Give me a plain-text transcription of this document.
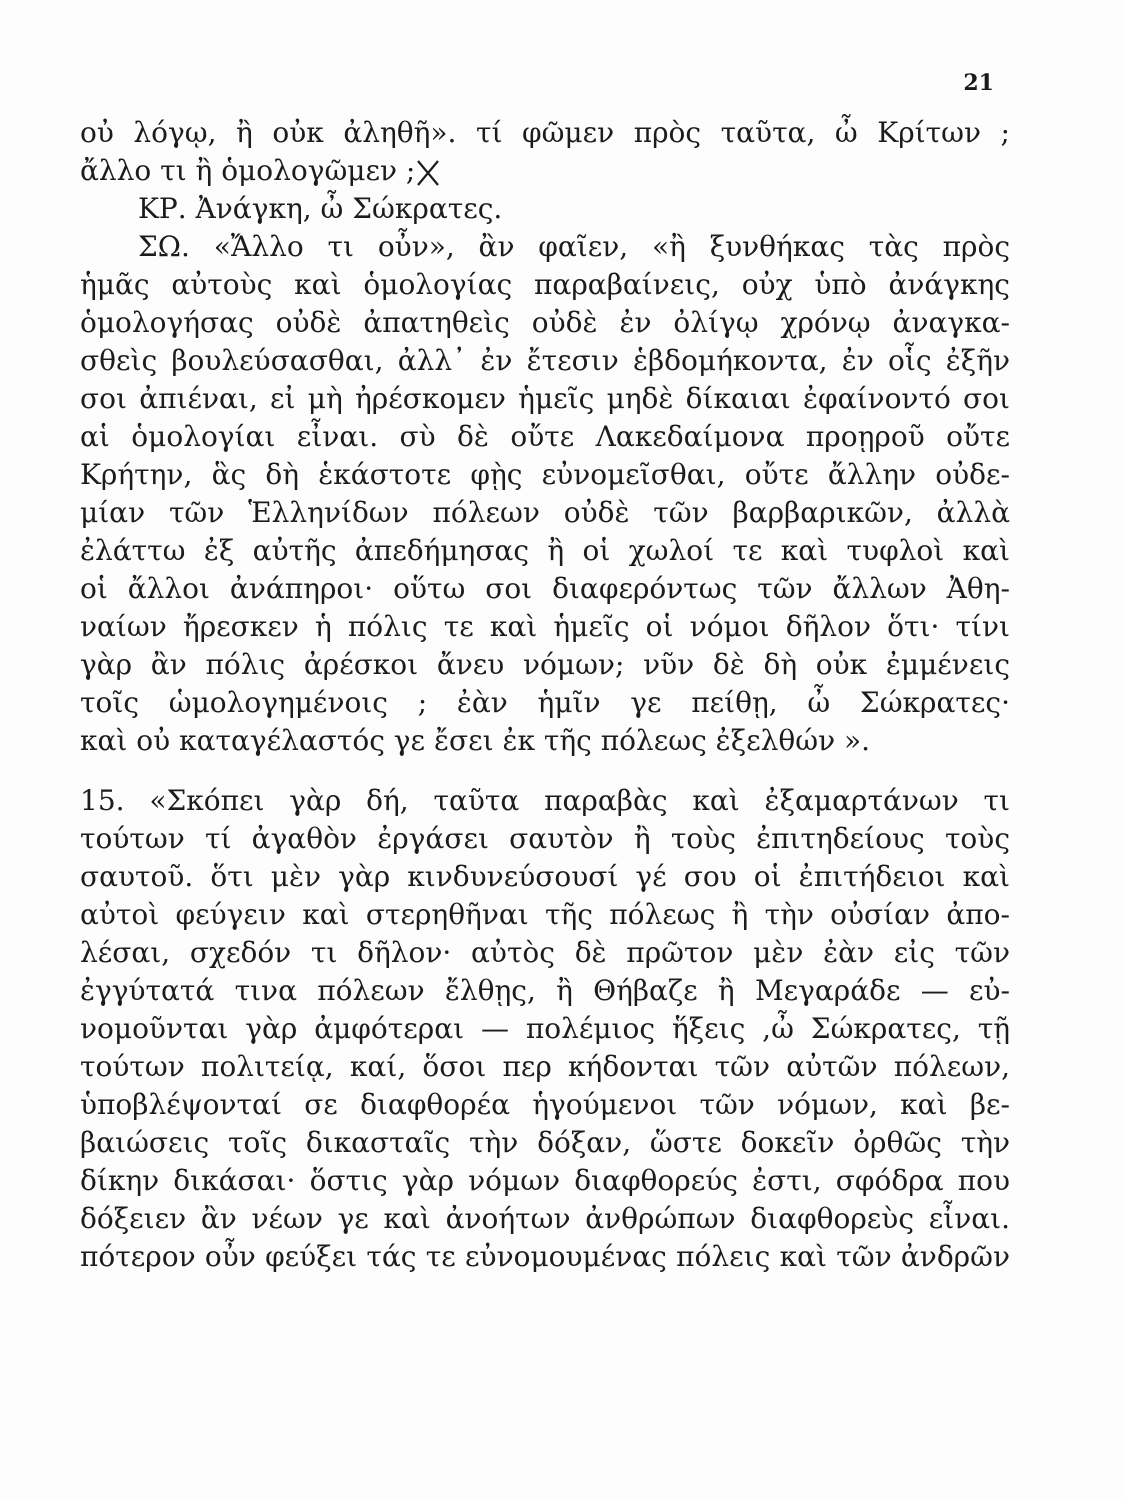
21
οὐ λόγῳ, ἢ οὐκ ἀληθῆ». τί φῶμεν πρὸς ταῦτα, ὦ Κρίτων ;
ἄλλο τι ἢ ὁμολογῶμεν ;
ΚΡ. Ἀνάγκη, ὦ Σώκρατες.
ΣΩ. «Ἄλλο τι οὖν», ἂν φαῖεν, «ἢ ξυνθήκας τὰς πρὸς
ἡμᾶς αὐτοὺς καὶ ὁμολογίας παραβαίνεις, οὐχ ὑπὸ ἀνάγκης
ὁμολογήσας οὐδὲ ἀπατηθεὶς οὐδὲ ἐν ὀλίγῳ χρόνῳ ἀναγκα-
σθεὶς βουλεύσασθαι, ἀλλ᾽ ἐν ἔτεσιν ἑβδομήκοντα, ἐν οἷς ἐξῆν
σοι ἀπιέναι, εἰ μὴ ἠρέσκομεν ἡμεῖς μηδὲ δίκαιαι ἐφαίνοντό σοι
αἱ ὁμολογίαι εἶναι. σὺ δὲ οὔτε Λακεδαίμονα προῃροῦ οὔτε
Κρήτην, ἃς δὴ ἑκάστοτε φῂς εὐνομεῖσθαι, οὔτε ἄλλην οὐδε-
μίαν τῶν Ἑλληνίδων πόλεων οὐδὲ τῶν βαρβαρικῶν, ἀλλὰ
ἐλάττω ἐξ αὐτῆς ἀπεδήμησας ἢ οἱ χωλοί τε καὶ τυφλοὶ καὶ
οἱ ἄλλοι ἀνάπηροι· οὕτω σοι διαφερόντως τῶν ἄλλων Ἀθη-
ναίων ἤρεσκεν ἡ πόλις τε καὶ ἡμεῖς οἱ νόμοι δῆλον ὅτι· τίνι
γὰρ ἂν πόλις ἀρέσκοι ἄνευ νόμων; νῦν δὲ δὴ οὐκ ἐμμένεις
τοῖς ὡμολογημένοις ; ἐὰν ἡμῖν γε πείθῃ, ὦ Σώκρατες·
καὶ οὐ καταγέλαστός γε ἔσει ἐκ τῆς πόλεως ἐξελθών ».
15. «Σκόπει γὰρ δή, ταῦτα παραβὰς καὶ ἐξαμαρτάνων τι
τούτων τί ἀγαθὸν ἐργάσει σαυτὸν ἢ τοὺς ἐπιτηδείους τοὺς
σαυτοῦ. ὅτι μὲν γὰρ κινδυνεύσουσί γέ σου οἱ ἐπιτήδειοι καὶ
αὐτοὶ φεύγειν καὶ στερηθῆναι τῆς πόλεως ἢ τὴν οὐσίαν ἀπο-
λέσαι, σχεδόν τι δῆλον· αὐτὸς δὲ πρῶτον μὲν ἐὰν εἰς τῶν
ἐγγύτατά τινα πόλεων ἔλθῃς, ἢ Θήβαζε ἢ Μεγαράδε — εὐ-
νομοῦνται γὰρ ἀμφότεραι — πολέμιος ἥξεις ,ὦ Σώκρατες, τῇ
τούτων πολιτείᾳ, καί, ὅσοι περ κήδονται τῶν αὐτῶν πόλεων,
ὑποβλέψονταί σε διαφθορέα ἡγούμενοι τῶν νόμων, καὶ βε-
βαιώσεις τοῖς δικασταῖς τὴν δόξαν, ὥστε δοκεῖν ὀρθῶς τὴν
δίκην δικάσαι· ὅστις γὰρ νόμων διαφθορεύς ἐστι, σφόδρα που
δόξειεν ἂν νέων γε καὶ ἀνοήτων ἀνθρώπων διαφθορεὺς εἶναι.
πότερον οὖν φεύξει τάς τε εὐνομουμένας πόλεις καὶ τῶν ἀνδρῶν
